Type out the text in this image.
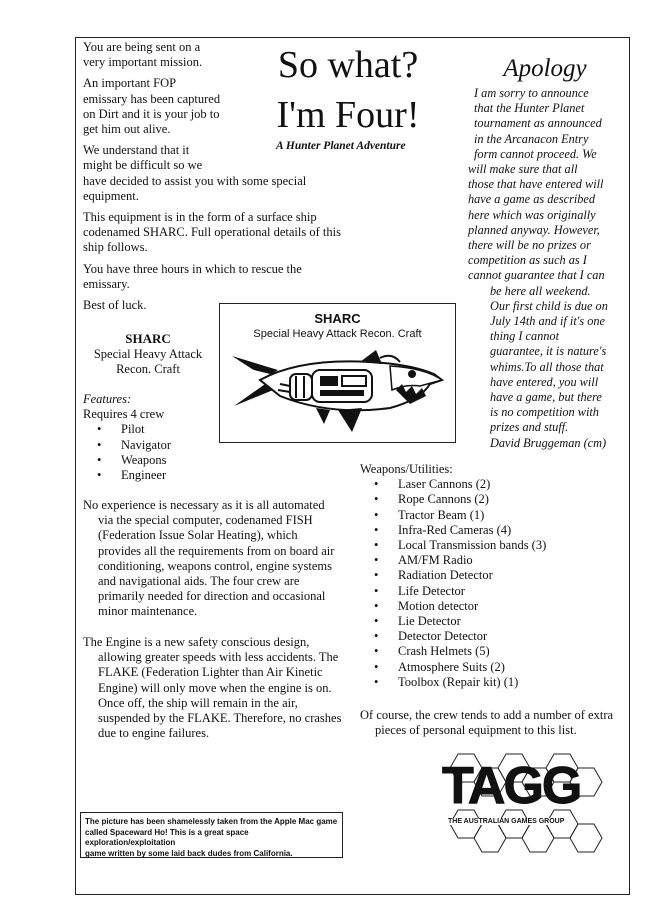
You are being sent on a
very important mission.

An important FOP
emissary has been captured
on Dirt and it is your job to
get him out alive.

We understand that it
might be difficult so we
have decided to assist you with some special
equipment.

This equipment is in the form of a surface ship
codenamed SHARC. Full operational details of this
ship follows.

You have three hours in which to rescue the
emissary.

Best of luck.

So what?
I'm Four!
A Hunter Planet Adventure
Apology
I am sorry to announce
that the Hunter Planet
tournament as announced
in the Arcanacon Entry
form cannot proceed. We
will make sure that all
those that have entered will
have a game as described
here which was originally
planned anyway. However,
there will be no prizes or
competition as such as I
cannot guarantee that I can
be here all weekend.
Our first child is due on
July 14th and if it's one
thing I cannot
guarantee, it is nature's
whims.To all those that
have entered, you will
have a game, but there
is no competition with
prizes and stuff.
David Bruggeman (cm)
SHARC
Special Heavy Attack
Recon. Craft
SHARC
Special Heavy Attack Recon. Craft
Features:
Requires 4 crew
• Pilot
• Navigator
• Weapons
• Engineer
No experience is necessary as it is all automated
via the special computer, codenamed FISH
(Federation Issue Solar Heating), which
provides all the requirements from on board air
conditioning, weapons control, engine systems
and navigational aids. The four crew are
primarily needed for direction and occasional
minor maintenance.
The Engine is a new safety conscious design,
allowing greater speeds with less accidents. The
FLAKE (Federation Lighter than Air Kinetic
Engine) will only move when the engine is on.
Once off, the ship will remain in the air,
suspended by the FLAKE. Therefore, no crashes
due to engine failures.
Weapons/Utilities:
• Laser Cannons (2)
• Rope Cannons (2)
• Tractor Beam (1)
• Infra-Red Cameras (4)
• Local Transmission bands (3)
• AM/FM Radio
• Radiation Detector
• Life Detector
• Motion detector
• Lie Detector
• Detector Detector
• Crash Helmets (5)
• Atmosphere Suits (2)
• Toolbox (Repair kit) (1)
Of course, the crew tends to add a number of extra
pieces of personal equipment to this list.
TAGG
THE AUSTRALIAN GAMES GROUP
The picture has been shamelessly taken from the Apple Mac game
called Spaceward Ho! This is a great space exploration/exploitation
game written by some laid back dudes from California.
